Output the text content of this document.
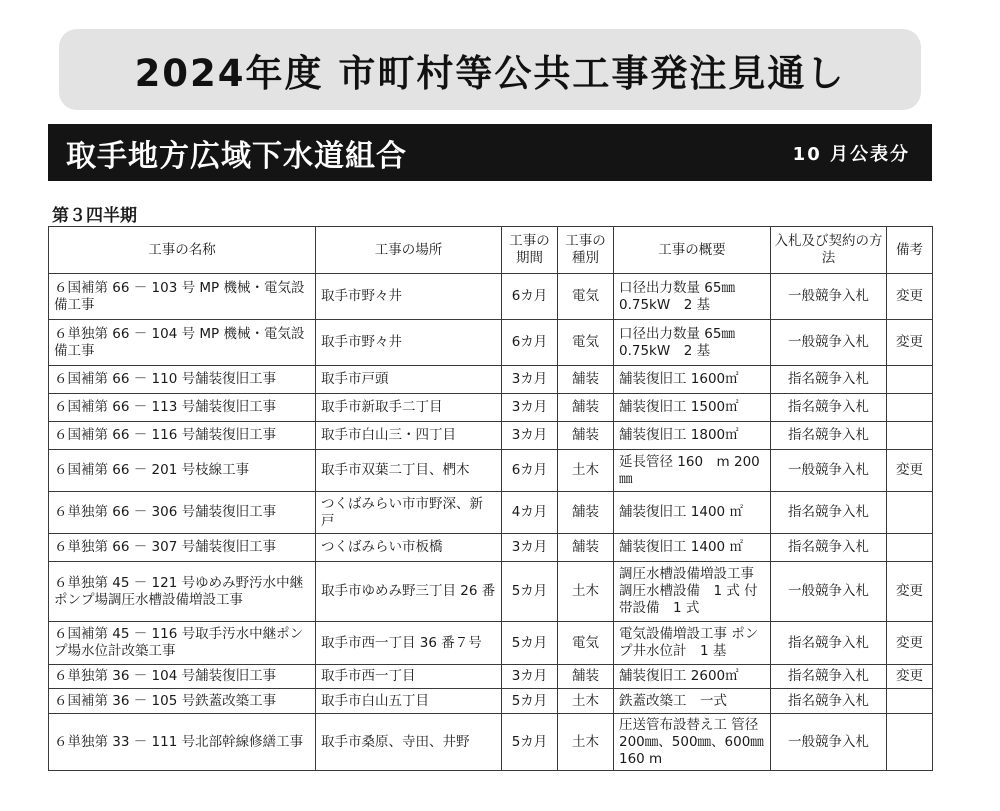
2024年度 市町村等公共工事発注見通し
取手地方広域下水道組合	10 月公表分
第３四半期
工事の名称	工事の場所	工事の期間	工事の種別	工事の概要	入札及び契約の方法	備考
６国補第 66 － 103 号 MP 機械・電気設備工事	取手市野々井	6カ月	電気	口径出力数量 65㎜ 0.75kW　2 基	一般競争入札	変更
６単独第 66 － 104 号 MP 機械・電気設備工事	取手市野々井	6カ月	電気	口径出力数量 65㎜ 0.75kW　2 基	一般競争入札	変更
６国補第 66 － 110 号舗装復旧工事	取手市戸頭	3カ月	舗装	舗装復旧工 1600㎡	指名競争入札	
６国補第 66 － 113 号舗装復旧工事	取手市新取手二丁目	3カ月	舗装	舗装復旧工 1500㎡	指名競争入札	
６国補第 66 － 116 号舗装復旧工事	取手市白山三・四丁目	3カ月	舗装	舗装復旧工 1800㎡	指名競争入札	
６国補第 66 － 201 号枝線工事	取手市双葉二丁目、椚木	6カ月	土木	延長管径 160　m 200　㎜	一般競争入札	変更
６単独第 66 － 306 号舗装復旧工事	つくばみらい市市野深、新戸	4カ月	舗装	舗装復旧工 1400 ㎡	指名競争入札	
６単独第 66 － 307 号舗装復旧工事	つくばみらい市板橋	3カ月	舗装	舗装復旧工 1400 ㎡	指名競争入札	
６単独第 45 － 121 号ゆめみ野汚水中継ポンプ場調圧水槽設備増設工事	取手市ゆめみ野三丁目 26 番	5カ月	土木	調圧水槽設備増設工事調圧水槽設備　1 式 付帯設備　1 式	一般競争入札	変更
６国補第 45 － 116 号取手汚水中継ポンプ場水位計改築工事	取手市西一丁目 36 番７号	5カ月	電気	電気設備増設工事 ポンプ井水位計　1 基	指名競争入札	変更
６単独第 36 － 104 号舗装復旧工事	取手市西一丁目	3カ月	舗装	舗装復旧工 2600㎡	指名競争入札	変更
６国補第 36 － 105 号鉄蓋改築工事	取手市白山五丁目	5カ月	土木	鉄蓋改築工　一式	指名競争入札	
６単独第 33 － 111 号北部幹線修繕工事	取手市桑原、寺田、井野	5カ月	土木	圧送管布設替え工 管径 200㎜、500㎜、600㎜　160 m	一般競争入札	
